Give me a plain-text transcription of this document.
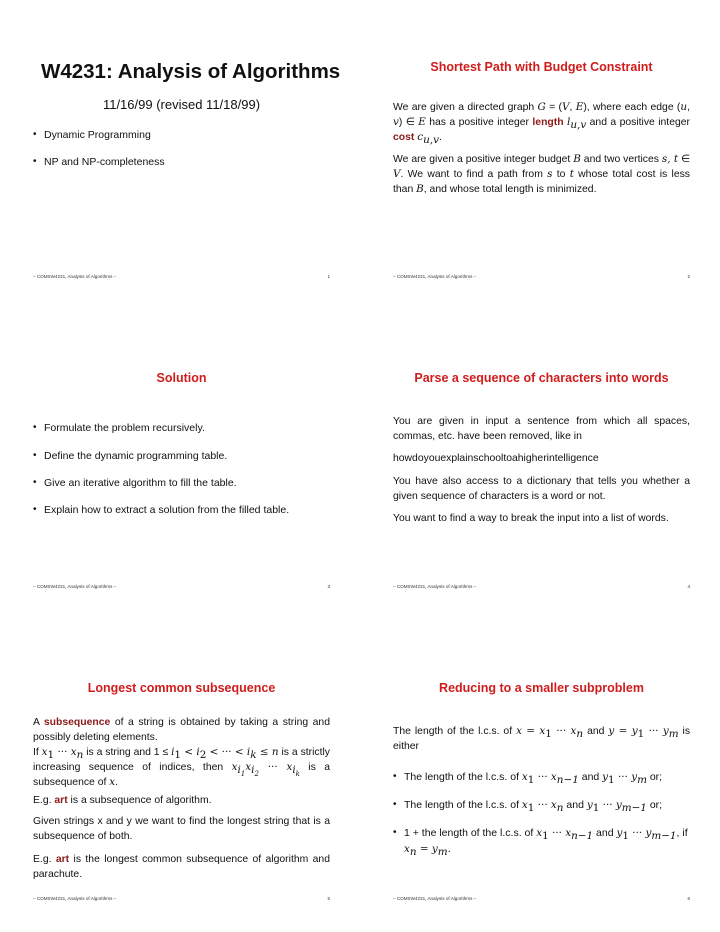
W4231: Analysis of Algorithms
11/16/99 (revised 11/18/99)
• Dynamic Programming
• NP and NP-completeness
– COMSW4231, Analysis of Algorithms –	1
Shortest Path with Budget Constraint

We are given a directed graph G = (V, E), where each edge (u, v) ∈ E has a positive integer length $l_{u,v}$ and a positive integer cost $c_{u,v}$.

We are given a positive integer budget B and two vertices s, t ∈ V. We want to find a path from s to t whose total cost is less than B, and whose total length is minimized.

– COMSW4231, Analysis of Algorithms –	2
Solution
• Formulate the problem recursively.
• Define the dynamic programming table.
• Give an iterative algorithm to fill the table.
• Explain how to extract a solution from the filled table.
– COMSW4231, Analysis of Algorithms –	3
Parse a sequence of characters into words

You are given in input a sentence from which all spaces, commas, etc. have been removed, like in

howdoyouexplainschooltoahigherintelligence

You have also access to a dictionary that tells you whether a given sequence of characters is a word or not.

You want to find a way to break the input into a list of words.

– COMSW4231, Analysis of Algorithms –	4
Longest common subsequence

A subsequence of a string is obtained by taking a string and possibly deleting elements.
If $x_1$ ··· $x_n$ is a string and $1 \le i_1 < i_2$ < ··· < $i_k \le n$ is a strictly increasing sequence of indices, then $x_{i_1}x_{i_2}$ ··· $x_{i_k}$ is a subsequence of x.

E.g. art is a subsequence of algorithm.

Given strings x and y we want to find the longest string that is a subsequence of both.

E.g. art is the longest common subsequence of algorithm and parachute.

– COMSW4231, Analysis of Algorithms –	5
Reducing to a smaller subproblem

The length of the l.c.s. of $x = x_1$ ··· $x_n$ and $y = y_1$ ··· $y_m$ is either

• The length of the l.c.s. of $x_1$ ··· $x_{n-1}$ and $y_1$ ··· $y_m$ or;
• The length of the l.c.s. of $x_1$ ··· $x_n$ and $y_1$ ··· $y_{m-1}$ or;
• 1 + the length of the l.c.s. of $x_1$ ··· $x_{n-1}$ and $y_1$ ··· $y_{m-1}$, if $x_n = y_m$.
– COMSW4231, Analysis of Algorithms –	6
